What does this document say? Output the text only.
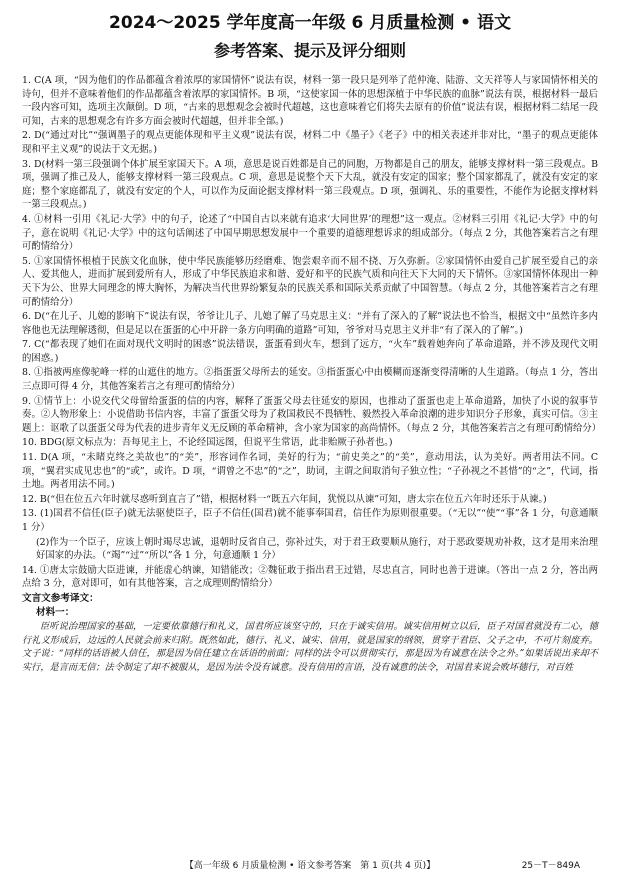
2024～2025 学年度高一年级 6 月质量检测 • 语文
参考答案、提示及评分细则

1. C(A 项，“因为他们的作品都蕴含着浓厚的家国情怀”说法有误，材料一第一段只是列举了范仲淹、陆游、文天祥等人与家国情怀相关的诗句，但并不意味着他们的作品都蕴含着浓厚的家国情怀。B 项，“这使家国一体的思想深植于中华民族的血脉”说法有误，根据材料一最后一段内容可知，选项主次颠倒。D 项，“古来的思想观念会被时代超越，这也意味着它们将失去原有的价值”说法有误，根据材料二结尾一段可知，古来的思想观念有许多方面会被时代超越，但并非全部。)

2. D(“通过对比”“强调墨子的观点更能体现和平主义观”说法有误，材料二中《墨子》《老子》中的相关表述并非对比，“墨子的观点更能体现和平主义观”的说法于文无据。)

3. D(材料一第三段强调个体扩展至家国天下。A 项，意思是说百姓都是自己的同胞，万物都是自己的朋友，能够支撑材料一第三段观点。B 项，强调了推己及人，能够支撑材料一第三段观点。C 项，意思是说整个天下大乱，就没有安定的国家；整个国家都乱了，就没有安定的家庭；整个家庭都乱了，就没有安定的个人，可以作为反面论据支撑材料一第三段观点。D 项，强调礼、乐的重要性，不能作为论据支撑材料一第三段观点。)

4. ①材料一引用《礼记·大学》中的句子，论述了“中国自古以来就有追求‘大同世界’的理想”这一观点。②材料三引用《礼记·大学》中的句子，意在说明《礼记·大学》中的这句话阐述了中国早期思想发展中一个重要的道德理想诉求的组成部分。（每点 2 分，其他答案若言之有理可酌情给分）

5. ①家国情怀根植于民族文化血脉，使中华民族能够历经磨难、饱尝艰辛而不屈不挠、万久弥新。②家国情怀由爱自己扩展至爱自己的亲人、爱其他人，进而扩展到爱所有人，形成了中华民族追求和谐、爱好和平的民族气质和向往天下大同的天下情怀。③家国情怀体现出一种天下为公、世界大同理念的博大胸怀，为解决当代世界纷繁复杂的民族关系和国际关系贡献了中国智慧。（每点 2 分，其他答案若言之有理可酌情给分）

6. D(“在儿子、儿媳的影响下”说法有误，爷爷让儿子、儿媳了解了马克思主义：“并有了深入的了解”说法也不恰当，根据文中“虽然许多内容他也无法理解透彻，但是足以在蛋蛋的心中开辟一条方向明确的道路”可知，爷爷对马克思主义并非“有了深入的了解”。)

7. C(“都表现了她们在面对现代文明时的困惑”说法错误，蛋蛋看到火车，想到了远方，“火车”载着她奔向了革命道路，并不涉及现代文明的困惑。)

8. ①指被两座像驼峰一样的山遮住的地方。②指蛋蛋父母所去的延安。③指蛋蛋心中由模糊而逐渐变得清晰的人生道路。（每点 1 分，答出三点即可得 4 分，其他答案若言之有理可酌情给分）

9. ①情节上：小说交代父母留给蛋蛋的信的内容，解释了蛋蛋父母去往延安的原因，也推动了蛋蛋也走上革命道路，加快了小说的叙事节奏。②人物形象上：小说借助书信内容，丰富了蛋蛋父母为了救国救民不畏牺牲、毅然投入革命浪潮的进步知识分子形象，真实可信。③主题上：讴歌了以蛋蛋父母为代表的进步青年义无反顾的革命精神，含小家为国家的高尚情怀。（每点 2 分，其他答案若言之有理可酌情给分）

10. BDG(原文标点为：吾每见主上，不论经国远图，但说平生常语，此非贻厥子孙者也。)

11. D(A 项，“未睹克终之美故也”的“美”，形容词作名词，美好的行为；“前史美之”的“美”，意动用法，认为美好。两者用法不同。C 项，“翼君实成见忠也”的“或”，或许。D 项，“谓曾之不忠”的“之”，助词，主谓之间取消句子独立性；“子孙视之不甚惜”的“之”，代词，指土地。两者用法不同。)

12. B(“但在位五六年时就尽惑听到直言了”错，根据材料一“既五六年间，犹悦以从谏”可知，唐太宗在位五六年时还乐于从谏。)

13. (1)国君不信任(臣子)就无法驱使臣子，臣子不信任(国君)就不能事奉国君，信任作为原则很重要。（“无以”“使”“事”各 1 分，句意通顺 1 分）

(2)作为一个臣子，应该上朝时竭尽忠诚，退朝时反省自己，弥补过失，对于君王政要顺从施行，对于恶政要规劝补救，这才是用来治理好国家的办法。（“竭”“过”“所以”各 1 分，句意通顺 1 分）

14. ①唐太宗鼓励大臣进谏，并能虚心纳谏，知错能改；②魏征敢于指出君王过错，尽忠直言，同时也善于进谏。（答出一点 2 分，答出两点给 3 分，意对即可，如有其他答案，言之成理则酌情给分）

文言文参考译文：
材料一：
臣听说治理国家的基础，一定要依靠德行和礼义，国君所应该坚守的，只在于诚实信用。诚实信用树立以后，臣子对国君就没有二心，德行礼义形成后，边远的人民就会前来归附。既然如此，德行、礼义、诚实、信用，就是国家的纲领，贯穿于君臣、父子之中，不可片刻废弃。文子说：“同样的话语被人信任，那是因为信任建立在话语的前面；同样的法令可以贯彻实行，那是因为有诚意在法令之外。”如果话说出来却不实行，是言而无信；法令制定了却不被服从，是因为法令没有诚意。没有信用的言语，没有诚意的法令，对国君来说会败坏德行，对百姓
【高一年级 6 月质量检测 • 语文参考答案　第 1 页(共 4 页)】	25－T－849A
